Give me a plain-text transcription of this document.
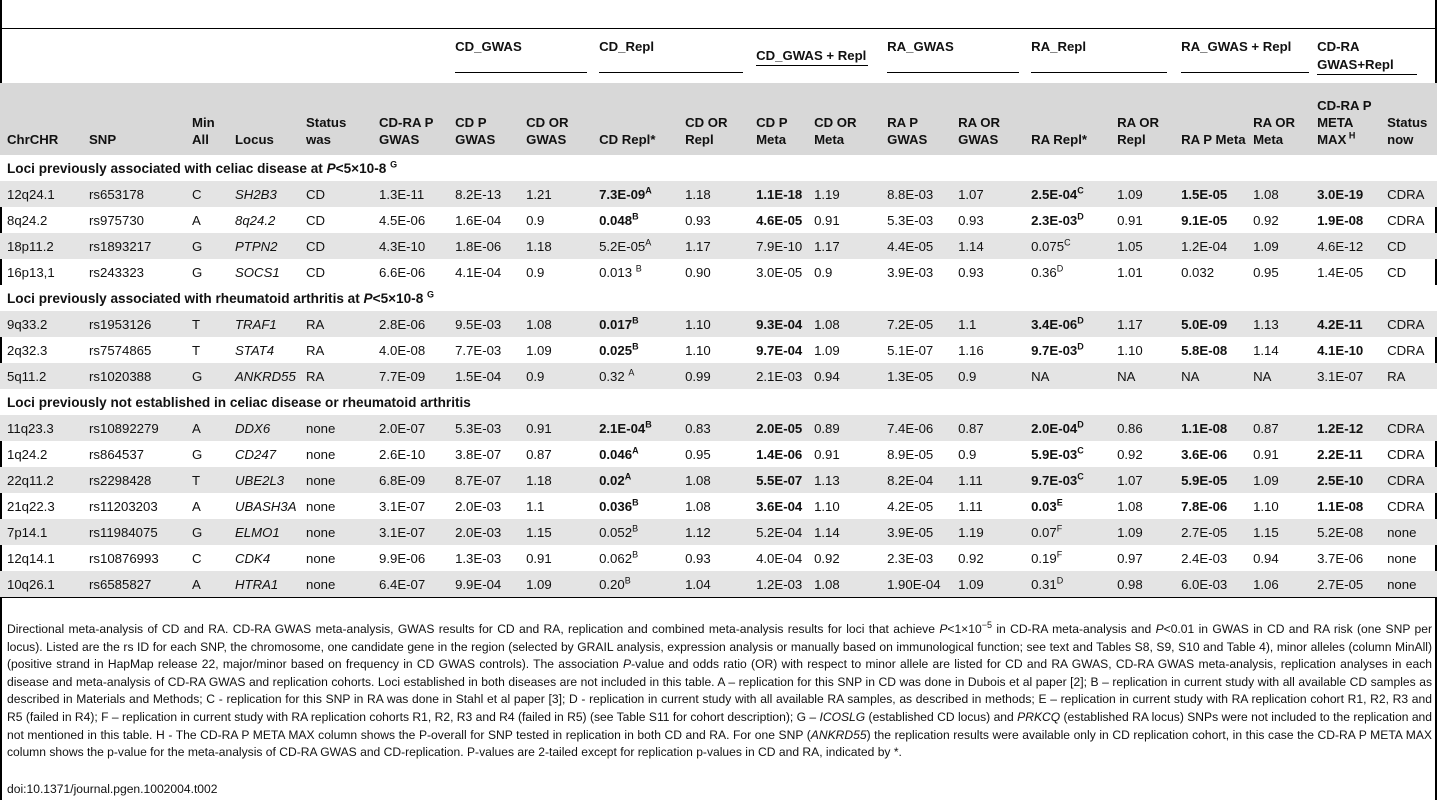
						CD_GWAS		CD_Repl		CD_GWAS + Repl		RA_GWAS		RA_Repl		RA_GWAS + Repl		CD-RA GWAS+Repl	
ChrCHR	SNP	Min All	Locus	Status was	CD-RA P GWAS	CD P GWAS	CD OR GWAS	CD Repl*	CD OR Repl	CD P Meta	CD OR Meta	RA P GWAS	RA OR GWAS	RA Repl*	RA OR Repl	RA P Meta	RA OR Meta	CD-RA P META MAX $^H$	Status now
Loci previously associated with celiac disease at P<5×10-8 $^G$
12q24.1	rs653178	C	SH2B3	CD	1.3E-11	8.2E-13	1.21	$7.3E-09^A$	1.18	1.1E-18	1.19	8.8E-03	1.07	$2.5E-04^C$	1.09	1.5E-05	1.08	3.0E-19	CDRA
8q24.2	rs975730	A	8q24.2	CD	4.5E-06	1.6E-04	0.9	$0.048^B$	0.93	4.6E-05	0.91	5.3E-03	0.93	$2.3E-03^D$	0.91	9.1E-05	0.92	1.9E-08	CDRA
18p11.2	rs1893217	G	PTPN2	CD	4.3E-10	1.8E-06	1.18	$5.2E-05^A$	1.17	7.9E-10	1.17	4.4E-05	1.14	$0.075^C$	1.05	1.2E-04	1.09	4.6E-12	CD
16p13,1	rs243323	G	SOCS1	CD	6.6E-06	4.1E-04	0.9	0.013 $^B$	0.90	3.0E-05	0.9	3.9E-03	0.93	$0.36^D$	1.01	0.032	0.95	1.4E-05	CD
Loci previously associated with rheumatoid arthritis at P<5×10-8 $^G$
9q33.2	rs1953126	T	TRAF1	RA	2.8E-06	9.5E-03	1.08	$0.017^B$	1.10	9.3E-04	1.08	7.2E-05	1.1	$3.4E-06^D$	1.17	5.0E-09	1.13	4.2E-11	CDRA
2q32.3	rs7574865	T	STAT4	RA	4.0E-08	7.7E-03	1.09	$0.025^B$	1.10	9.7E-04	1.09	5.1E-07	1.16	$9.7E-03^D$	1.10	5.8E-08	1.14	4.1E-10	CDRA
5q11.2	rs1020388	G	ANKRD55	RA	7.7E-09	1.5E-04	0.9	0.32 $^A$	0.99	2.1E-03	0.94	1.3E-05	0.9	NA	NA	NA	NA	3.1E-07	RA
Loci previously not established in celiac disease or rheumatoid arthritis																			
11q23.3	rs10892279	A	DDX6	none	2.0E-07	5.3E-03	0.91	$2.1E-04^B$	0.83	2.0E-05	0.89	7.4E-06	0.87	$2.0E-04^D$	0.86	1.1E-08	0.87	1.2E-12	CDRA
1q24.2	rs864537	G	CD247	none	2.6E-10	3.8E-07	0.87	$0.046^A$	0.95	1.4E-06	0.91	8.9E-05	0.9	$5.9E-03^C$	0.92	3.6E-06	0.91	2.2E-11	CDRA
22q11.2	rs2298428	T	UBE2L3	none	6.8E-09	8.7E-07	1.18	$0.02^A$	1.08	5.5E-07	1.13	8.2E-04	1.11	$9.7E-03^C$	1.07	5.9E-05	1.09	2.5E-10	CDRA
21q22.3	rs11203203	A	UBASH3A	none	3.1E-07	2.0E-03	1.1	$0.036^B$	1.08	3.6E-04	1.10	4.2E-05	1.11	$0.03^E$	1.08	7.8E-06	1.10	1.1E-08	CDRA
7p14.1	rs11984075	G	ELMO1	none	3.1E-07	2.0E-03	1.15	$0.052^B$	1.12	5.2E-04	1.14	3.9E-05	1.19	$0.07^F$	1.09	2.7E-05	1.15	5.2E-08	none
12q14.1	rs10876993	C	CDK4	none	9.9E-06	1.3E-03	0.91	$0.062^B$	0.93	4.0E-04	0.92	2.3E-03	0.92	$0.19^F$	0.97	2.4E-03	0.94	3.7E-06	none
10q26.1	rs6585827	A	HTRA1	none	6.4E-07	9.9E-04	1.09	$0.20^B$	1.04	1.2E-03	1.08	1.90E-04	1.09	$0.31^D$	0.98	6.0E-03	1.06	2.7E-05	none
Directional meta-analysis of CD and RA. CD-RA GWAS meta-analysis, GWAS results for CD and RA, replication and combined meta-analysis results for loci that achieve $P<1\times 10^{-5}$ in CD-RA meta-analysis and P<0.01 in GWAS in CD and RA risk (one SNP per locus). Listed are the rs ID for each SNP, the chromosome, one candidate gene in the region (selected by GRAIL analysis, expression analysis or manually based on immunological function; see text and Tables S8, S9, S10 and Table 4), minor alleles (column MinAll) (positive strand in HapMap release 22, major/minor based on frequency in CD GWAS controls). The association P-value and odds ratio (OR) with respect to minor allele are listed for CD and RA GWAS, CD-RA GWAS meta-analysis, replication analyses in each disease and meta-analysis of CD-RA GWAS and replication cohorts. Loci established in both diseases are not included in this table. A – replication for this SNP in CD was done in Dubois et al paper [2]; B – replication in current study with all available CD samples as described in Materials and Methods; C - replication for this SNP in RA was done in Stahl et al paper [3]; D - replication in current study with all available RA samples, as described in methods; E – replication in current study with RA replication cohort R1, R2, R3 and R5 (failed in R4); F – replication in current study with RA replication cohorts R1, R2, R3 and R4 (failed in R5) (see Table S11 for cohort description); G – ICOSLG (established CD locus) and PRKCQ (established RA locus) SNPs were not included to the replication and not mentioned in this table. H - The CD-RA P META MAX column shows the P-overall for SNP tested in replication in both CD and RA. For one SNP (ANKRD55) the replication results were available only in CD replication cohort, in this case the CD-RA P META MAX column shows the p-value for the meta-analysis of CD-RA GWAS and CD-replication. P-values are 2-tailed except for replication p-values in CD and RA, indicated by *.
doi:10.1371/journal.pgen.1002004.t002
